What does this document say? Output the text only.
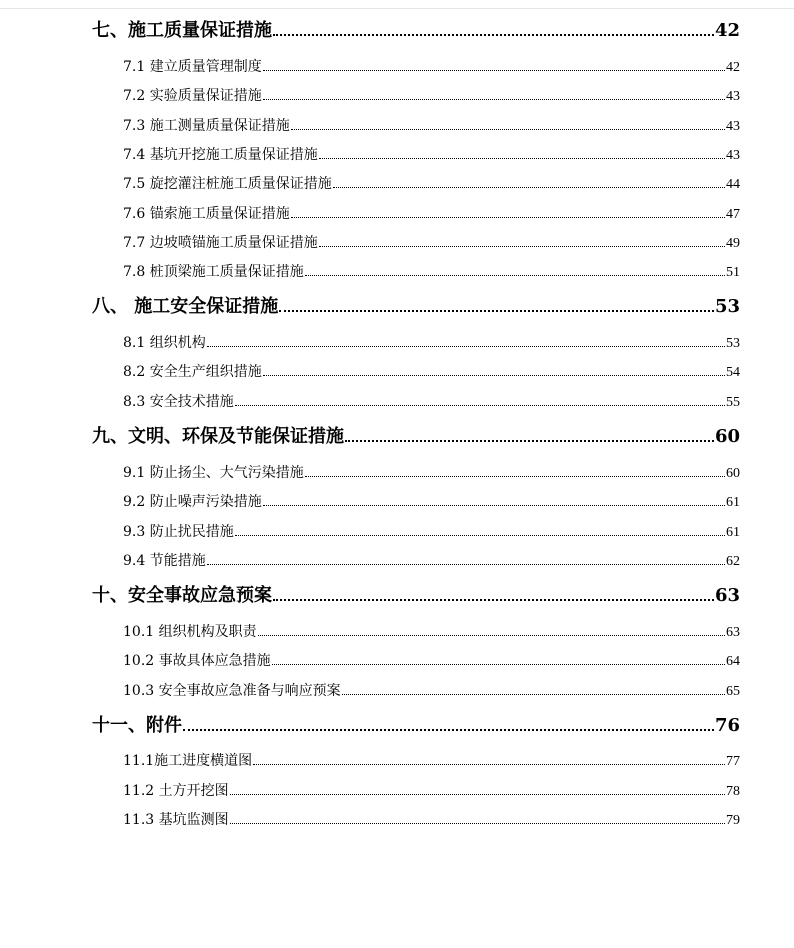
七、施工质量保证措施	42
7.1 建立质量管理制度	42
7.2 实验质量保证措施	43
7.3 施工测量质量保证措施	43
7.4 基坑开挖施工质量保证措施	43
7.5 旋挖灌注桩施工质量保证措施	44
7.6 锚索施工质量保证措施	47
7.7 边坡喷锚施工质量保证措施	49
7.8 桩顶梁施工质量保证措施	51
八、 施工安全保证措施	53
8.1 组织机构	53
8.2 安全生产组织措施	54
8.3 安全技术措施	55
九、文明、环保及节能保证措施	60
9.1 防止扬尘、大气污染措施	60
9.2 防止噪声污染措施	61
9.3 防止扰民措施	61
9.4 节能措施	62
十、安全事故应急预案	63
10.1 组织机构及职责	63
10.2 事故具体应急措施	64
10.3 安全事故应急准备与响应预案	65
十一、附件	76
11.1施工进度横道图	77
11.2 土方开挖图	78
11.3 基坑监测图	79
